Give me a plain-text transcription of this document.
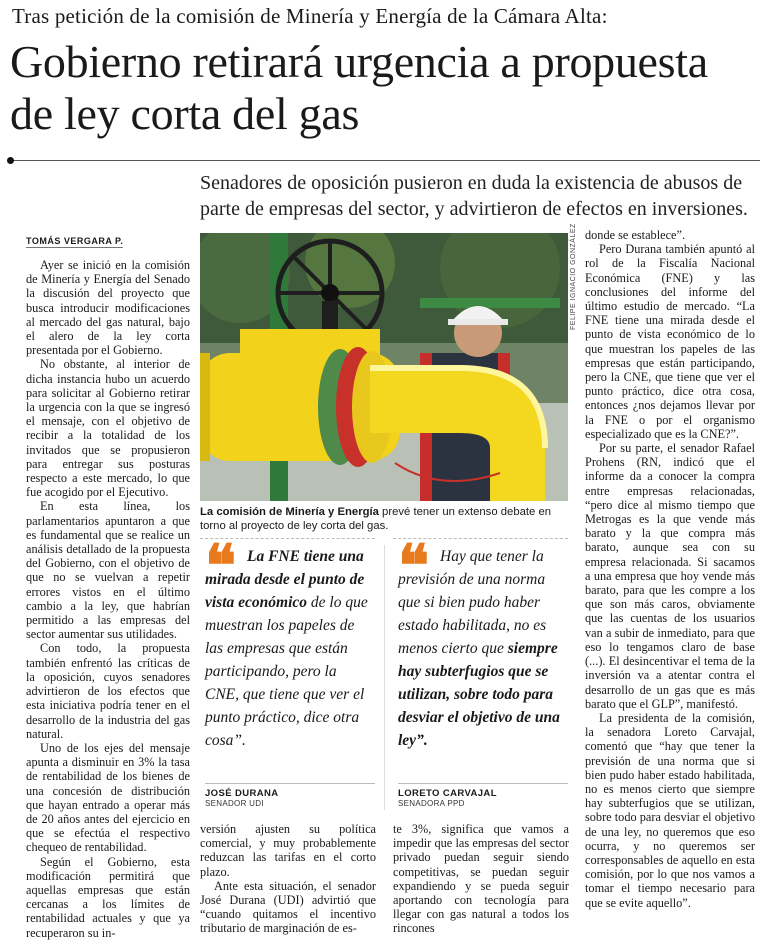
Tras petición de la comisión de Minería y Energía de la Cámara Alta:
Gobierno retirará urgencia a propuesta de ley corta del gas
Senadores de oposición pusieron en duda la existencia de abusos de parte de empresas del sector, y advirtieron de efectos en inversiones.
TOMÁS VERGARA P.

Ayer se inició en la comisión de Minería y Energía del Senado la discusión del proyecto que busca introducir modificaciones al mercado del gas natural, bajo el alero de la ley corta presentada por el Gobierno.

No obstante, al interior de dicha instancia hubo un acuerdo para solicitar al Gobierno retirar la urgencia con la que se ingresó el mensaje, con el objetivo de recibir a la totalidad de los invitados que se propusieron para entregar sus posturas respecto a este mercado, lo que fue acogido por el Ejecutivo.

En esta línea, los parlamentarios apuntaron a que es fundamental que se realice un análisis detallado de la propuesta del Gobierno, con el objetivo de que no se vuelvan a repetir errores vistos en el último cambio a la ley, que habrían permitido a las empresas del sector aumentar sus utilidades.

Con todo, la propuesta también enfrentó las críticas de la oposición, cuyos senadores advirtieron de los efectos que esta iniciativa podría tener en el desarrollo de la industria del gas natural.

Uno de los ejes del mensaje apunta a disminuir en 3% la tasa de rentabilidad de los bienes de una concesión de distribución que hayan entrado a operar más de 20 años antes del ejercicio en que se efectúa el respectivo chequeo de rentabilidad.

Según el Gobierno, esta modificación permitirá que aquellas empresas que están cercanas a los límites de rentabilidad actuales y que ya recuperaron su in-

FELIPE IGNACIO GONZÁLEZ
La comisión de Minería y Energía prevé tener un extenso debate en torno al proyecto de ley corta del gas.
❝	❝
La FNE tiene una mirada desde el punto de vista económico de lo que muestran los papeles de las empresas que están participando, pero la CNE, que tiene que ver el punto práctico, dice otra cosa”.
Hay que tener la previsión de una norma que si bien pudo haber estado habilitada, no es menos cierto que siempre hay subterfugios que se utilizan, sobre todo para desviar el objetivo de una ley”.
JOSÉ DURANA
SENADOR UDI
LORETO CARVAJAL
SENADORA PPD

versión ajusten su política comercial, y muy probablemente reduzcan las tarifas en el corto plazo.

Ante esta situación, el senador José Durana (UDI) advirtió que “cuando quitamos el incentivo tributario de marginación de es-

te 3%, significa que vamos a impedir que las empresas del sector privado puedan seguir siendo competitivas, se puedan seguir expandiendo y se pueda seguir aportando con tecnología para llegar con gas natural a todos los rincones

donde se establece”.

Pero Durana también apuntó al rol de la Fiscalía Nacional Económica (FNE) y las conclusiones del informe del último estudio de mercado. “La FNE tiene una mirada desde el punto de vista económico de lo que muestran los papeles de las empresas que están participando, pero la CNE, que tiene que ver el punto práctico, dice otra cosa, entonces ¿nos dejamos llevar por la FNE o por el organismo especializado que es la CNE?”.

Por su parte, el senador Rafael Prohens (RN, indicó que el informe da a conocer la compra entre empresas relacionadas, “pero dice al mismo tiempo que Metrogas es la que vende más barato y la que compra más barato, aunque sea con su empresa relacionada. Si sacamos a una empresa que hoy vende más barato, para que les compre a los que son más caros, obviamente que las cuentas de los usuarios van a subir de inmediato, para que eso lo tengamos claro de base (...). El desincentivar el tema de la inversión va a atentar contra el desarrollo de un gas que es más barato que el GLP”, manifestó.

La presidenta de la comisión, la senadora Loreto Carvajal, comentó que “hay que tener la previsión de una norma que si bien pudo haber estado habilitada, no es menos cierto que siempre hay subterfugios que se utilizan, sobre todo para desviar el objetivo de una ley, no queremos que eso ocurra, y no queremos ser corresponsables de aquello en esta comisión, por lo que nos vamos a tomar el tiempo necesario para que se evite aquello”.
